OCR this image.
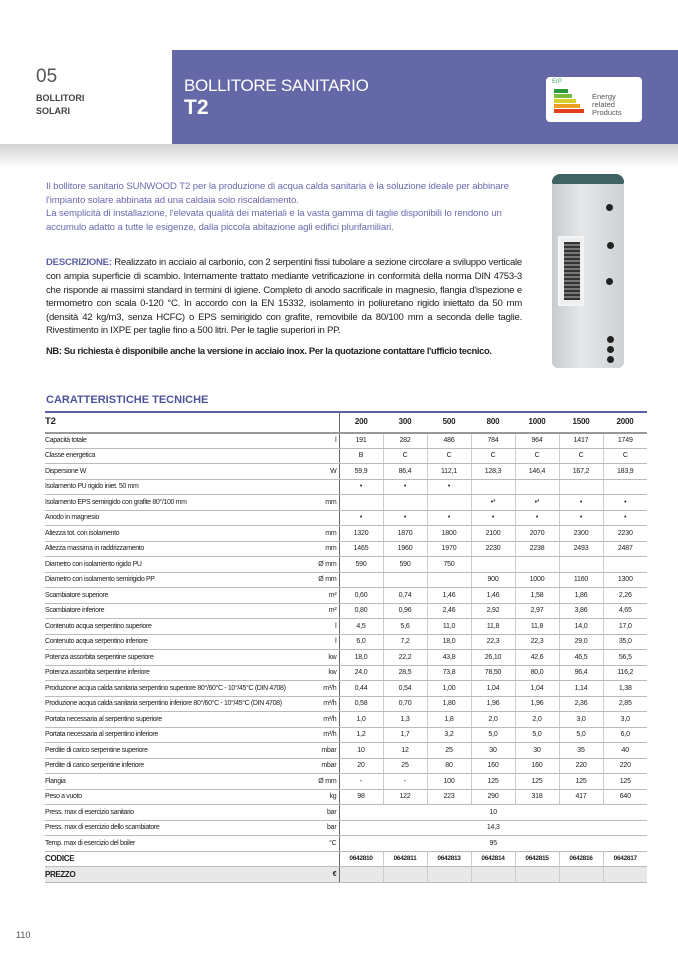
05
BOLLITORI
SOLARI
BOLLITORE SANITARIO
T2
ErP
Energy
related
Products

Il bollitore sanitario SUNWOOD T2 per la produzione di acqua calda sanitaria è la soluzione ideale per abbinare l'impianto solare abbinata ad una caldaia solo riscaldamento.

La semplicità di installazione, l'elevata qualità dei materiali e la vasta gamma di taglie disponibili lo rendono un accumulo adatto a tutte le esigenze, dalla piccola abitazione agli edifici plurifamiliari.

DESCRIZIONE: Realizzato in acciaio al carbonio, con 2 serpentini fissi tubolare a sezione circolare a sviluppo verticale con ampia superficie di scambio. Internamente trattato mediante vetrificazione in conformità della norma DIN 4753-3 che risponde ai massimi standard in termini di igiene. Completo di anodo sacrificale in magnesio, flangia d'ispezione e termometro con scala 0-120 °C. In accordo con la EN 15332, isolamento in poliuretano rigido iniettato da 50 mm (densità 42 kg/m3, senza HCFC) o EPS semirigido con grafite, removibile da 80/100 mm a seconda delle taglie. Rivestimento in IXPE per taglie fino a 500 litri. Per le taglie superiori in PP.
NB: Su richiesta è disponibile anche la versione in acciaio inox. Per la quotazione contattare l'ufficio tecnico.
CARATTERISTICHE TECNICHE
T2		200	300	500	800	1000	1500	2000
Capacità totale	l	191	282	486	784	964	1417	1749
Classe energetica		B	C	C	C	C	C	C
Dispersione W	W	59,9	86,4	112,1	128,3	146,4	167,2	183,9
Isolamento PU rigido iniet. 50 mm		•	•	•				
Isolamento EPS semirigido con grafite 80°/100 mm	mm				•*	•*	•	•
Anodo in magnesio		•	•	•	•	•	•	•
Altezza tot. con isolamento	mm	1320	1870	1800	2100	2070	2300	2230
Altezza massima in raddrizzamento	mm	1465	1960	1970	2230	2238	2493	2487
Diametro con isolamento rigido PU	Ø mm	590	590	750				
Diametro con isolamento semirigido PP	Ø mm				900	1000	1160	1300
Scambiatore superiore	m²	0,60	0,74	1,46	1,46	1,58	1,86	2,26
Scambiatore inferiore	m²	0,80	0,96	2,46	2,92	2,97	3,86	4,65
Contenuto acqua serpentino superiore	l	4,5	5,6	11,0	11,8	11,8	14,0	17,0
Contenuto acqua serpentino inferiore	l	6,0	7,2	18,0	22,3	22,3	29,0	35,0
Potenza assorbita serpentine superiore	kw	18,0	22,2	43,8	26,10	42,6	46,5	56,5
Potenza assorbita serpentine inferiore	kw	24,0	28,5	73,8	78,50	80,0	96,4	116,2
Produzione acqua calda sanitaria serpentino superiore 80°/60°C - 10°/45°C (DIN 4708)	m³/h	0,44	0,54	1,00	1,04	1,04	1,14	1,38
Produzione acqua calda sanitaria serpentino inferiore 80°/60°C - 10°/45°C (DIN 4708)	m³/h	0,58	0,70	1,80	1,96	1,96	2,36	2,85
Portata necessaria al serpentino superiore	m³/h	1,0	1,3	1,8	2,0	2,0	3,0	3,0
Portata necessaria al serpentino inferiore	m³/h	1,2	1,7	3,2	5,0	5,0	5,0	6,0
Perdite di carico serpentine superiore	mbar	10	12	25	30	30	35	40
Perdite di carico serpentine inferiore	mbar	20	25	80	160	160	220	220
Flangia	Ø mm	-	-	100	125	125	125	125
Peso a vuoto	kg	98	122	223	290	318	417	640
Press. max di esercizio sanitario	bar	10						
Press. max di esercizio dello scambiatore	bar	14,3						
Temp. max di esercizio del boiler	°C	95						
CODICE		0642810	0642811	0642813	0642814	0642815	0642816	0642817
PREZZO	€							
110
